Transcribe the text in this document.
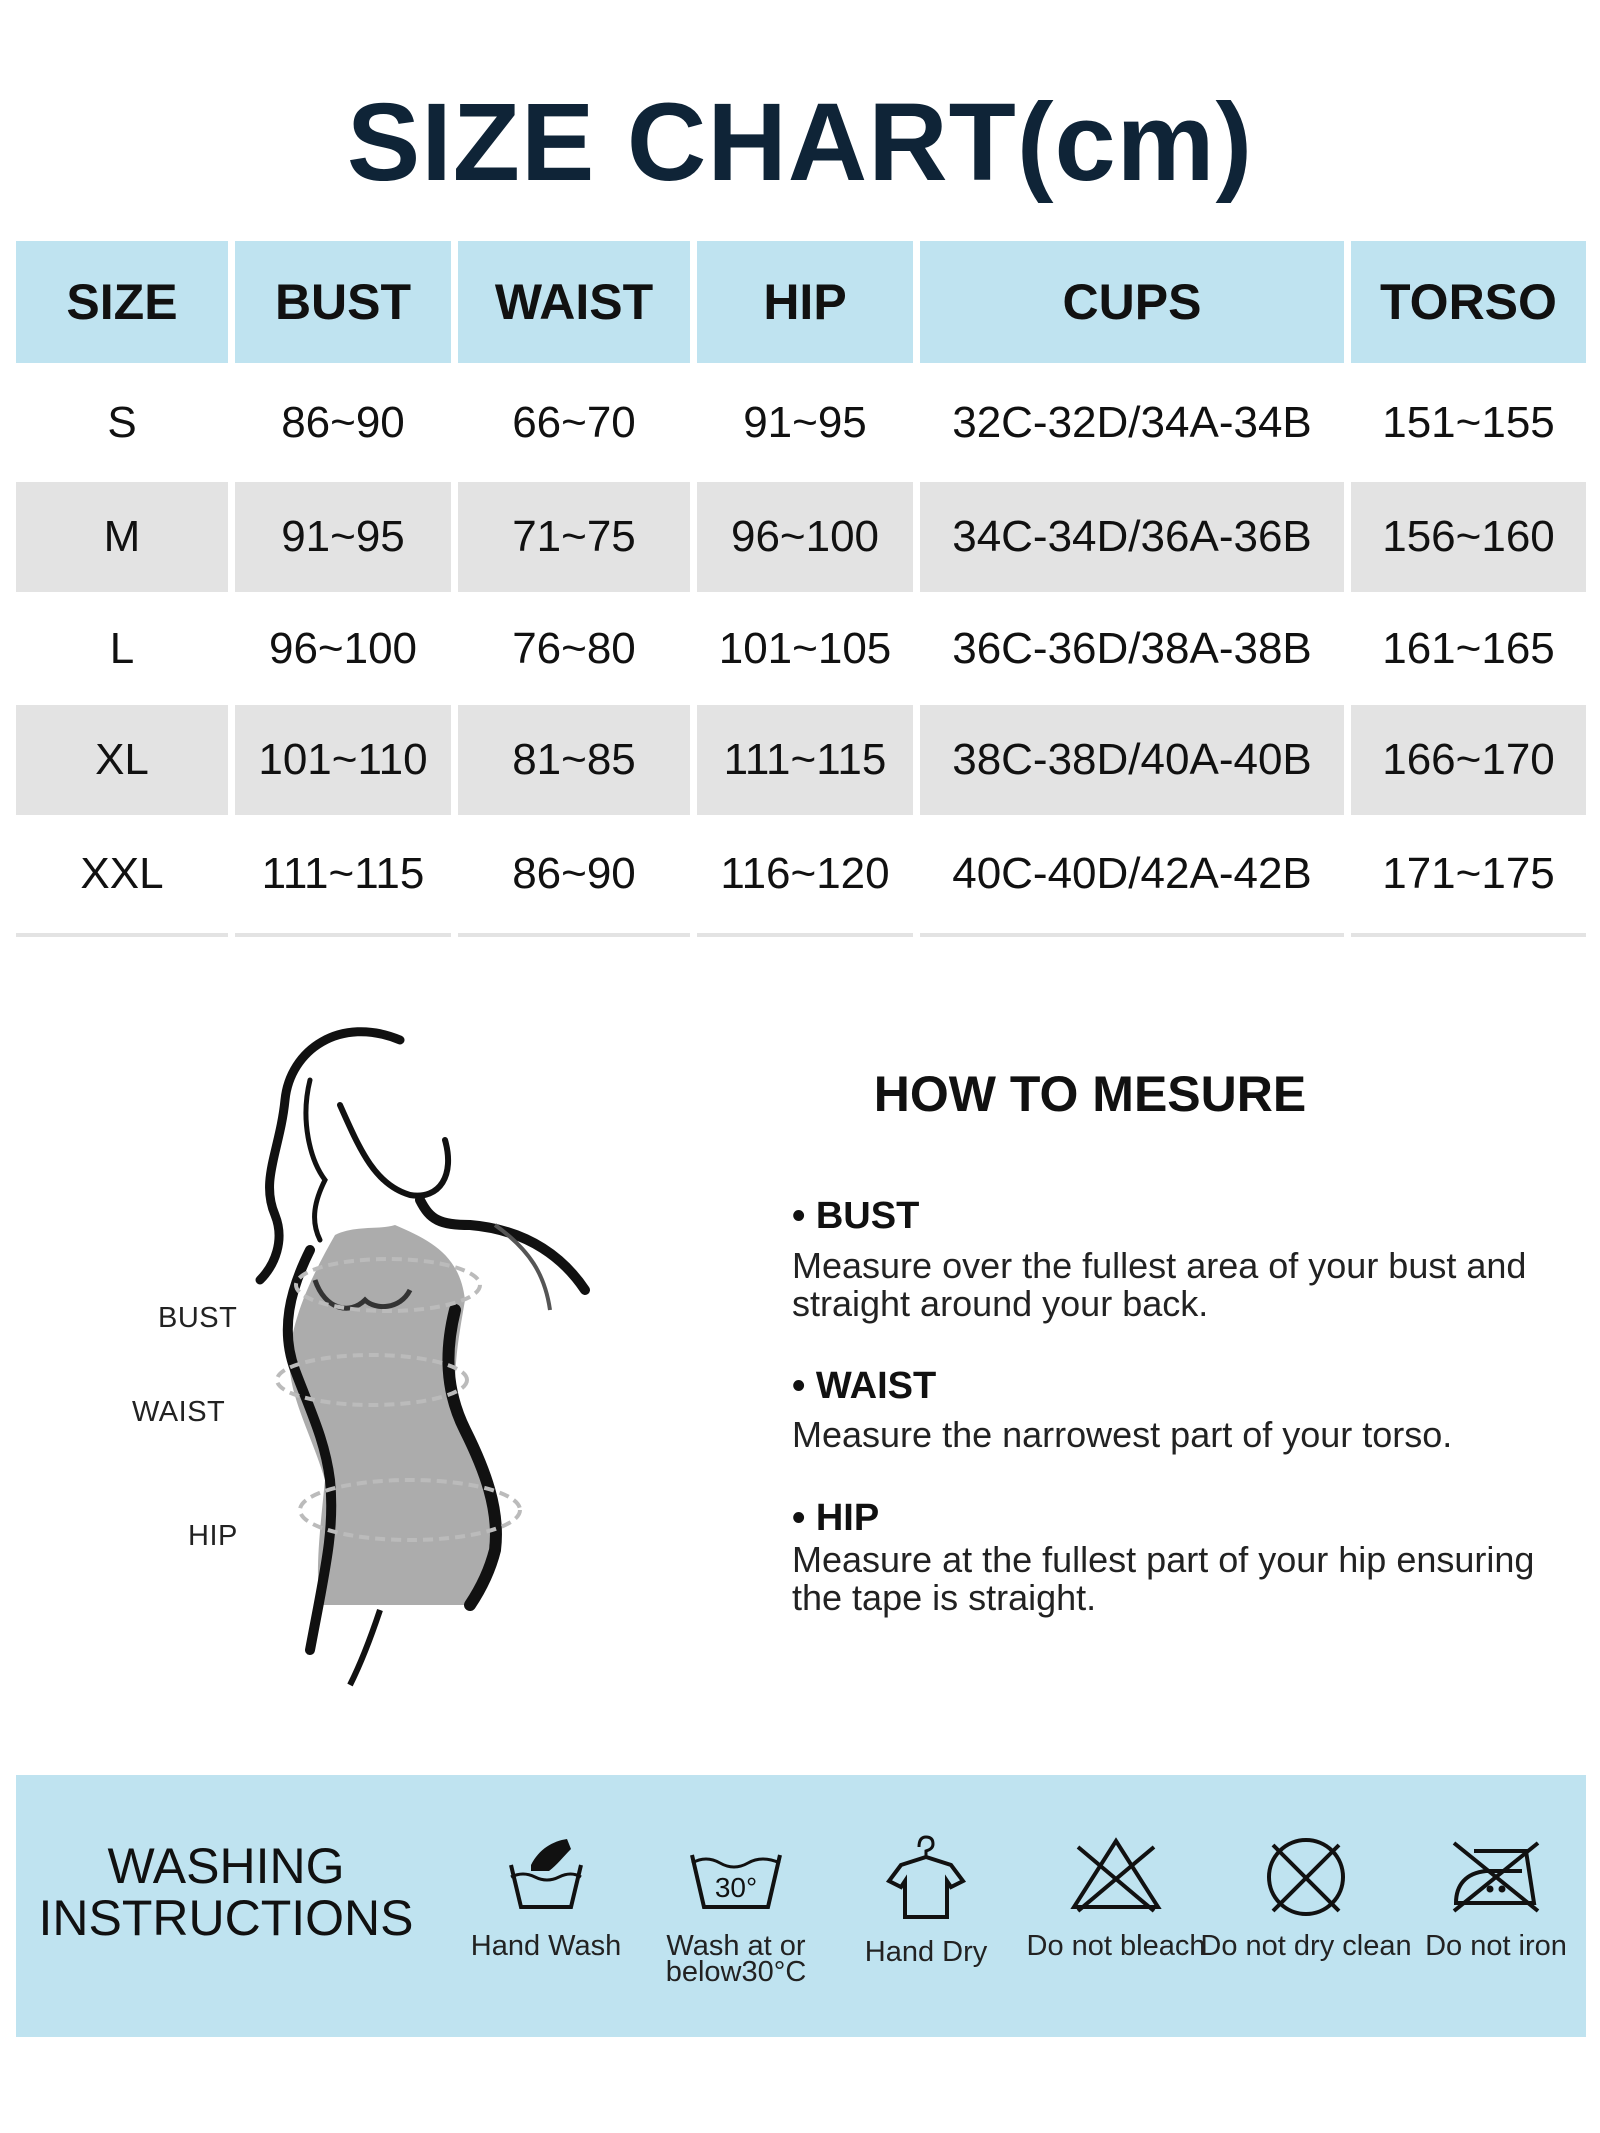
SIZE CHART(cm)
SIZE	BUST	WAIST	HIP	CUPS	TORSO
S	86~90	66~70	91~95	32C-32D/34A-34B	151~155
M	91~95	71~75	96~100	34C-34D/36A-36B	156~160
L	96~100	76~80	101~105	36C-36D/38A-38B	161~165
XL	101~110	81~85	111~115	38C-38D/40A-40B	166~170
XXL	111~115	86~90	116~120	40C-40D/42A-42B	171~175
BUST
WAIST
HIP
HOW TO MESURE
• BUST
Measure over the fullest area of your bust and straight around your back.
• WAIST
Measure the narrowest part of your torso.
• HIP
Measure at the fullest part of your hip ensuring the tape is straight.
WASHING INSTRUCTIONS	Hand Wash
30°
Wash at or below30°C
Hand Dry	Do not bleach
Do not dry clean Do not iron
